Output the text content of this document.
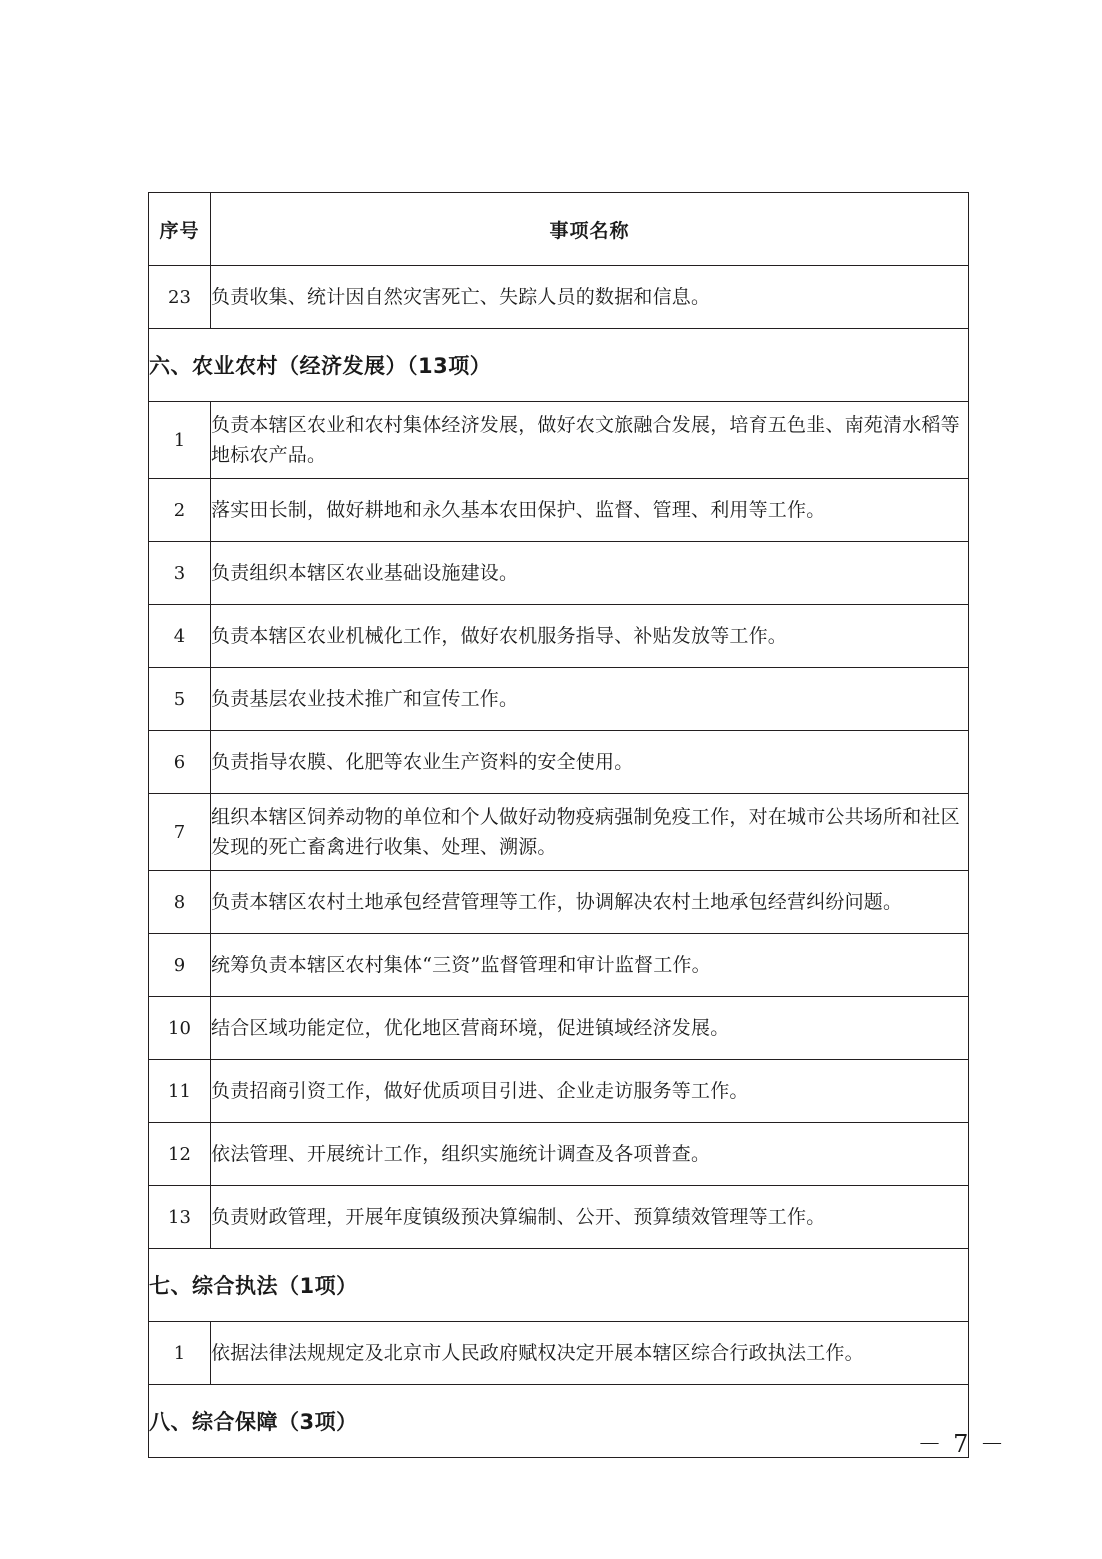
序号	事项名称
23	负责收集、统计因自然灾害死亡、失踪人员的数据和信息。
六、农业农村（经济发展）（13项）	
1	负责本辖区农业和农村集体经济发展，做好农文旅融合发展，培育五色韭、南苑清水稻等地标农产品。
2	落实田长制，做好耕地和永久基本农田保护、监督、管理、利用等工作。
3	负责组织本辖区农业基础设施建设。
4	负责本辖区农业机械化工作，做好农机服务指导、补贴发放等工作。
5	负责基层农业技术推广和宣传工作。
6	负责指导农膜、化肥等农业生产资料的安全使用。
7	组织本辖区饲养动物的单位和个人做好动物疫病强制免疫工作，对在城市公共场所和社区发现的死亡畜禽进行收集、处理、溯源。
8	负责本辖区农村土地承包经营管理等工作，协调解决农村土地承包经营纠纷问题。
9	统筹负责本辖区农村集体“三资”监督管理和审计监督工作。
10	结合区域功能定位，优化地区营商环境，促进镇域经济发展。
11	负责招商引资工作，做好优质项目引进、企业走访服务等工作。
12	依法管理、开展统计工作，组织实施统计调查及各项普查。
13	负责财政管理，开展年度镇级预决算编制、公开、预算绩效管理等工作。
七、综合执法（1项）	
1	依据法律法规规定及北京市人民政府赋权决定开展本辖区综合行政执法工作。
八、综合保障（3项）	
－ 7 －
